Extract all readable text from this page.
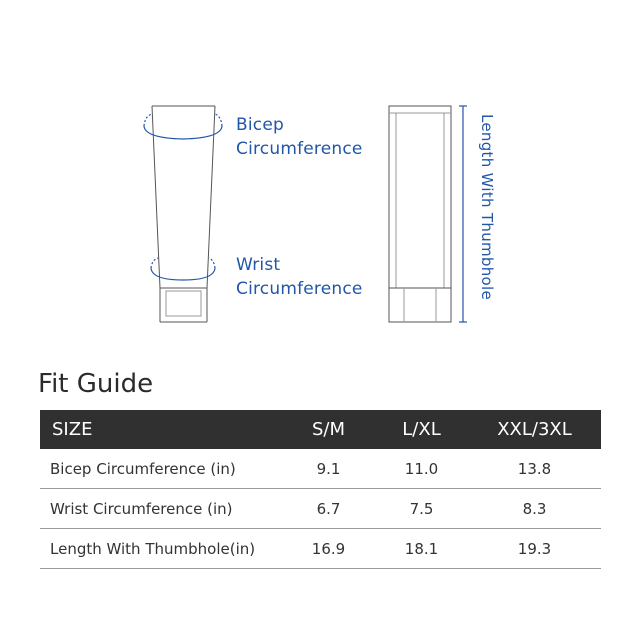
Bicep
Circumference
Wrist
Circumference	Length With Thumbhole
Fit Guide
SIZE	S/M	L/XL	XXL/3XL
Bicep Circumference (in)	9.1	11.0	13.8
Wrist Circumference (in)	6.7	7.5	8.3
Length With Thumbhole(in)	16.9	18.1	19.3
